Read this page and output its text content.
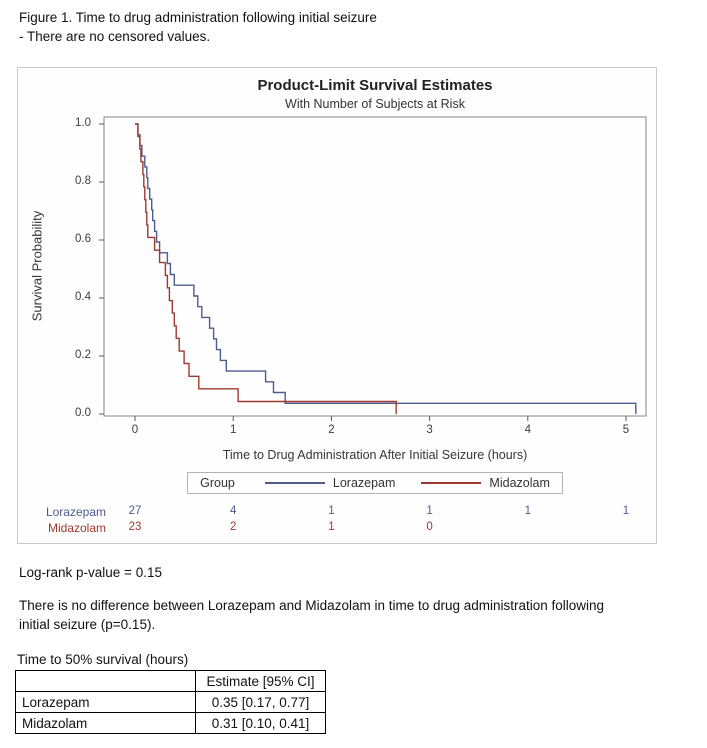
Figure 1. Time to drug administration following initial seizure
- There are no censored values.
Product-Limit Survival Estimates
With Number of Subjects at Risk
Survival Probability
Time to Drug Administration After Initial Seizure (hours)
Group	Lorazepam	Midazolam
Lorazepam	27	4	1	1	1	1
Midazolam	23	2	1	0
0	1	2	3	4	5
0.0
0.2
0.4
0.6
0.8
1.0
Log-rank p-value = 0.15
There is no difference between Lorazepam and Midazolam in time to drug administration following
initial seizure (p=0.15).
Time to 50% survival (hours)
	Estimate [95% CI]
Lorazepam	0.35 [0.17, 0.77]
Midazolam	0.31 [0.10, 0.41]
